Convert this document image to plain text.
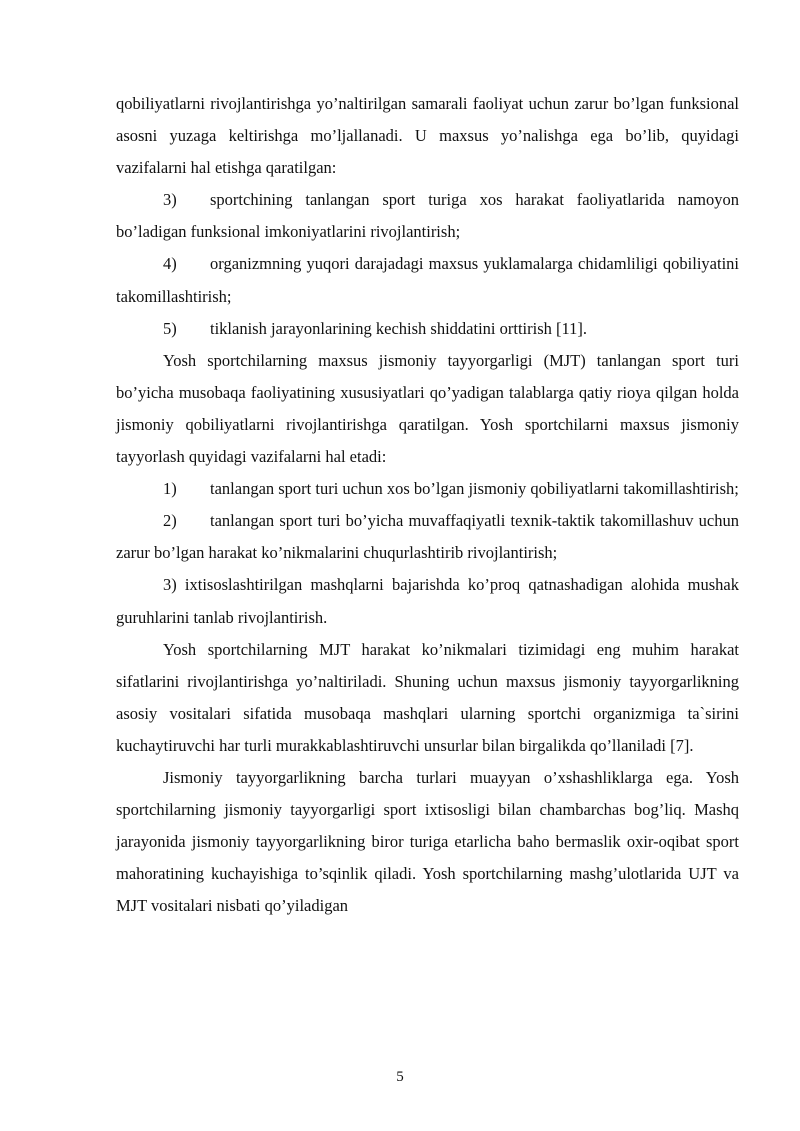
qobiliyatlarni rivojlantirishga yo’naltirilgan samarali faoliyat uchun zarur bo’lgan funksional asosni yuzaga keltirishga mo’ljallanadi. U maxsus yo’nalishga ega bo’lib, quyidagi vazifalarni hal etishga qaratilgan:

3) sportchining tanlangan sport turiga xos harakat faoliyatlarida namoyon bo’ladigan funksional imkoniyatlarini rivojlantirish;

4) organizmning yuqori darajadagi maxsus yuklamalarga chidamliligi qobiliyatini takomillashtirish;

5) tiklanish jarayonlarining kechish shiddatini orttirish [11].

Yosh sportchilarning maxsus jismoniy tayyorgarligi (MJT) tanlangan sport turi bo’yicha musobaqa faoliyatining xususiyatlari qo’yadigan talablarga qatiy rioya qilgan holda jismoniy qobiliyatlarni rivojlantirishga qaratilgan. Yosh sportchilarni maxsus jismoniy tayyorlash quyidagi vazifalarni hal etadi:

1) tanlangan sport turi uchun xos bo’lgan jismoniy qobiliyatlarni takomillashtirish;

2) tanlangan sport turi bo’yicha muvaffaqiyatli texnik-taktik takomillashuv uchun zarur bo’lgan harakat ko’nikmalarini chuqurlashtirib rivojlantirish;

3) ixtisoslashtirilgan mashqlarni bajarishda ko’proq qatnashadigan alohida mushak guruhlarini tanlab rivojlantirish.

Yosh sportchilarning MJT harakat ko’nikmalari tizimidagi eng muhim harakat sifatlarini rivojlantirishga yo’naltiriladi. Shuning uchun maxsus jismoniy tayyorgarlikning asosiy vositalari sifatida musobaqa mashqlari ularning sportchi organizmiga ta`sirini kuchaytiruvchi har turli murakkablashtiruvchi unsurlar bilan birgalikda qo’llaniladi [7].

Jismoniy tayyorgarlikning barcha turlari muayyan o’xshashliklarga ega. Yosh sportchilarning jismoniy tayyorgarligi sport ixtisosligi bilan chambarchas bog’liq. Mashq jarayonida jismoniy tayyorgarlikning biror turiga etarlicha baho bermaslik oxir-oqibat sport mahoratining kuchayishiga to’sqinlik qiladi. Yosh sportchilarning mashg’ulotlarida UJT va MJT vositalari nisbati qo’yiladigan

5
